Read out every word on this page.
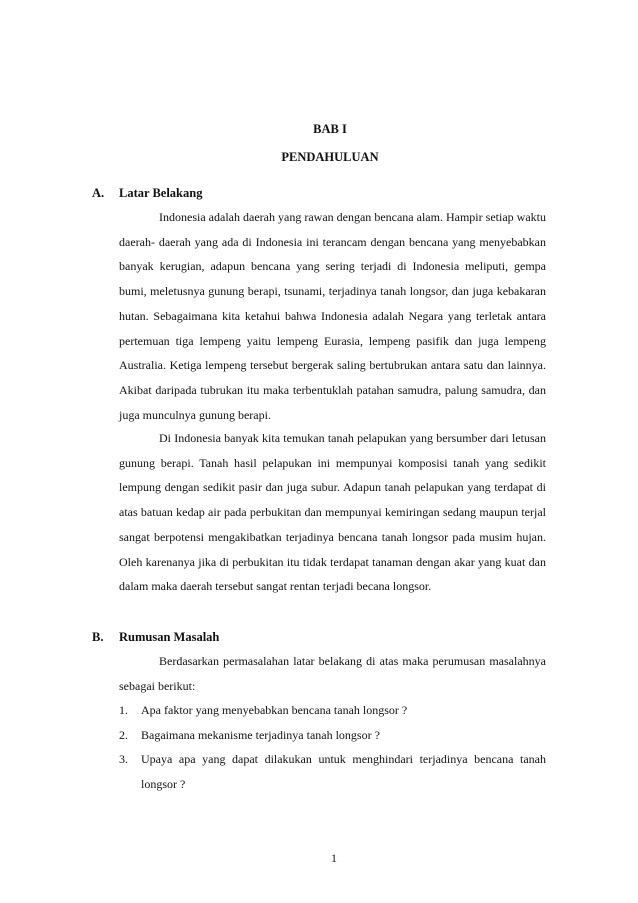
BAB I
PENDAHULUAN
A. Latar Belakang

Indonesia adalah daerah yang rawan dengan bencana alam. Hampir setiap waktu daerah- daerah yang ada di Indonesia ini terancam dengan bencana yang menyebabkan banyak kerugian, adapun bencana yang sering terjadi di Indonesia meliputi, gempa bumi, meletusnya gunung berapi, tsunami, terjadinya tanah longsor, dan juga kebakaran hutan. Sebagaimana kita ketahui bahwa Indonesia adalah Negara yang terletak antara pertemuan tiga lempeng yaitu lempeng Eurasia, lempeng pasifik dan juga lempeng Australia. Ketiga lempeng tersebut bergerak saling bertubrukan antara satu dan lainnya. Akibat daripada tubrukan itu maka terbentuklah patahan samudra, palung samudra, dan juga munculnya gunung berapi.

Di Indonesia banyak kita temukan tanah pelapukan yang bersumber dari letusan gunung berapi. Tanah hasil pelapukan ini mempunyai komposisi tanah yang sedikit lempung dengan sedikit pasir dan juga subur. Adapun tanah pelapukan yang terdapat di atas batuan kedap air pada perbukitan dan mempunyai kemiringan sedang maupun terjal sangat berpotensi mengakibatkan terjadinya bencana tanah longsor pada musim hujan. Oleh karenanya jika di perbukitan itu tidak terdapat tanaman dengan akar yang kuat dan dalam maka daerah tersebut sangat rentan terjadi becana longsor.

B. Rumusan Masalah

Berdasarkan permasalahan latar belakang di atas maka perumusan masalahnya sebagai berikut:

1.	Apa faktor yang menyebabkan bencana tanah longsor ?
2.	Bagaimana mekanisme terjadinya tanah longsor ?
3.	Upaya apa yang dapat dilakukan untuk menghindari terjadinya bencana tanah longsor ?
1
